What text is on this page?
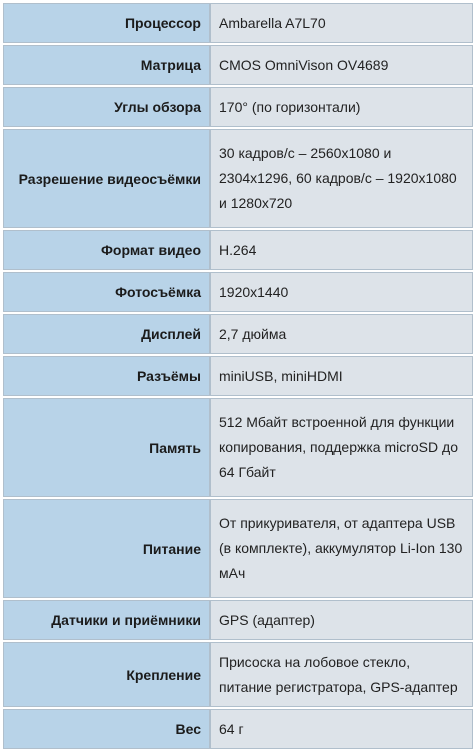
Процессор	Ambarella A7L70
Матрица	CMOS OmniVison OV4689
Углы обзора	170° (по горизонтали)
Разрешение видеосъёмки	30 кадров/с – 2560x1080 и 2304x1296, 60 кадров/с – 1920x1080 и 1280x720
Формат видео	H.264
Фотосъёмка	1920x1440
Дисплей	2,7 дюйма
Разъёмы	miniUSB, miniHDMI
Память	512 Мбайт встроенной для функции копирования, поддержка microSD до 64 Гбайт
Питание	От прикуривателя, от адаптера USB (в комплекте), аккумулятор Li-Ion 130 мАч
Датчики и приёмники	GPS (адаптер)
Крепление	Присоска на лобовое стекло, питание регистратора, GPS-адаптер
Вес	64 г
